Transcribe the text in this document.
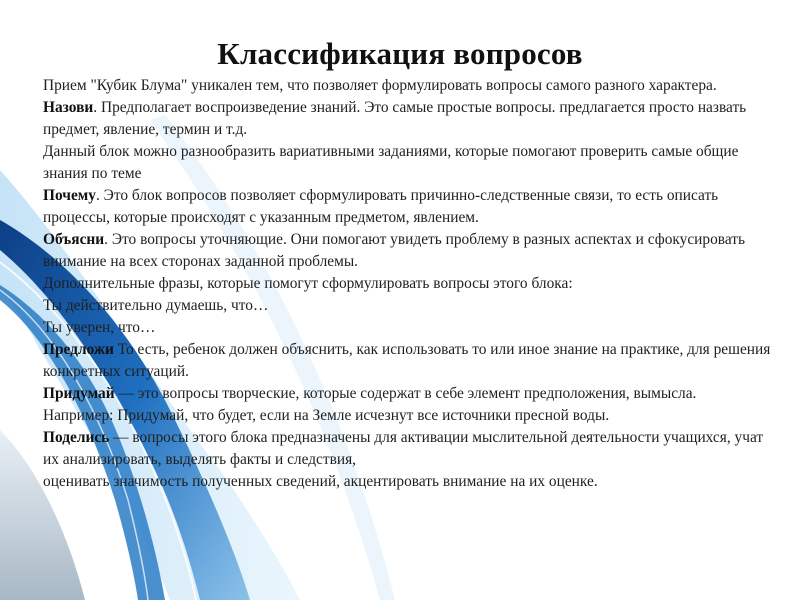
Классификация вопросов

Прием "Кубик Блума" уникален тем, что позволяет формулировать вопросы самого разного характера.

Назови. Предполагает воспроизведение знаний. Это самые простые вопросы. предлагается просто назвать предмет, явление, термин и т.д.

Данный блок можно разнообразить вариативными заданиями, которые помогают проверить самые общие знания по теме

Почему. Это блок вопросов позволяет сформулировать причинно-следственные связи, то есть описать процессы, которые происходят с указанным предметом, явлением.

Объясни. Это вопросы уточняющие. Они помогают увидеть проблему в разных аспектах и сфокусировать внимание на всех сторонах заданной проблемы.

Дополнительные фразы, которые помогут сформулировать вопросы этого блока:

Ты действительно думаешь, что…

Ты уверен, что…

Предложи То есть, ребенок должен объяснить, как использовать то или иное знание на практике, для решения конкретных ситуаций.

Придумай — это вопросы творческие, которые содержат в себе элемент предположения, вымысла.

Например: Придумай, что будет, если на Земле исчезнут все источники пресной воды.

Поделись — вопросы этого блока предназначены для активации мыслительной деятельности учащихся, учат их анализировать, выделять факты и следствия,

оценивать значимость полученных сведений, акцентировать внимание на их оценке.
